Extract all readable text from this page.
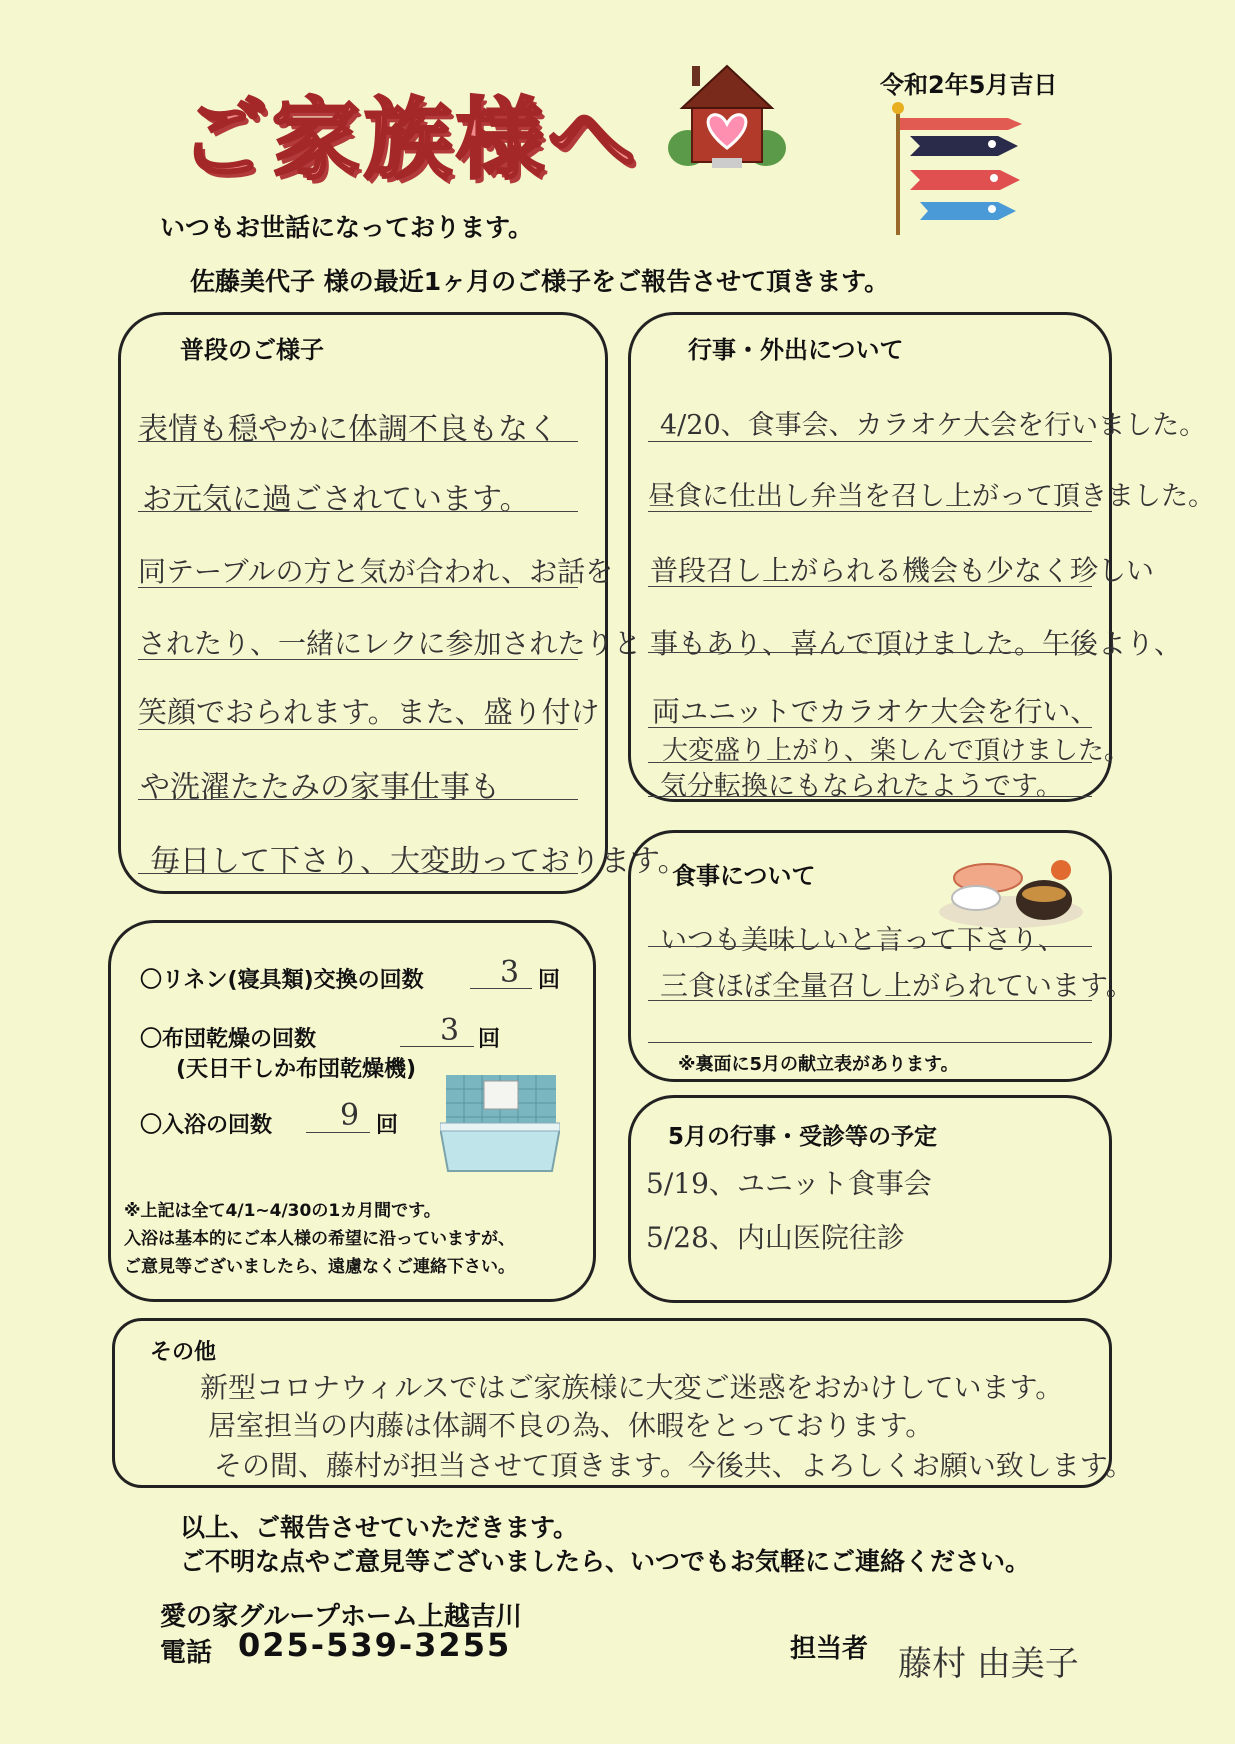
ご家族様へ
令和2年5月吉日
いつもお世話になっております。
佐藤美代子 様の最近1ヶ月のご様子をご報告させて頂きます。
普段のご様子
表情も穏やかに体調不良もなく
お元気に過ごされています。
同テーブルの方と気が合われ、お話を
されたり、一緒にレクに参加されたりと
笑顔でおられます。また、盛り付け
や洗濯たたみの家事仕事も
毎日して下さり、大変助っております。
行事・外出について
4/20、食事会、カラオケ大会を行いました。
昼食に仕出し弁当を召し上がって頂きました。
普段召し上がられる機会も少なく珍しい
事もあり、喜んで頂けました。午後より、
両ユニットでカラオケ大会を行い、
大変盛り上がり、楽しんで頂けました。
気分転換にもなられたようです。
食事について
いつも美味しいと言って下さり、
三食ほぼ全量召し上がられています。
※裏面に5月の献立表があります。
〇リネン(寝具類)交換の回数	3 回
〇布団乾燥の回数	3 回
(天日干しか布団乾燥機)
〇入浴の回数 9 回
※上記は全て4/1~4/30の1カ月間です。
入浴は基本的にご本人様の希望に沿っていますが、
ご意見等ございましたら、遠慮なくご連絡下さい。
5月の行事・受診等の予定
5/19、ユニット食事会
5/28、内山医院往診
その他
新型コロナウィルスではご家族様に大変ご迷惑をおかけしています。
居室担当の内藤は体調不良の為、休暇をとっております。
その間、藤村が担当させて頂きます。今後共、よろしくお願い致します。
以上、ご報告させていただきます。
ご不明な点やご意見等ございましたら、いつでもお気軽にご連絡ください。
愛の家グループホーム上越吉川
電話 025-539-3255	担当者 藤村 由美子
